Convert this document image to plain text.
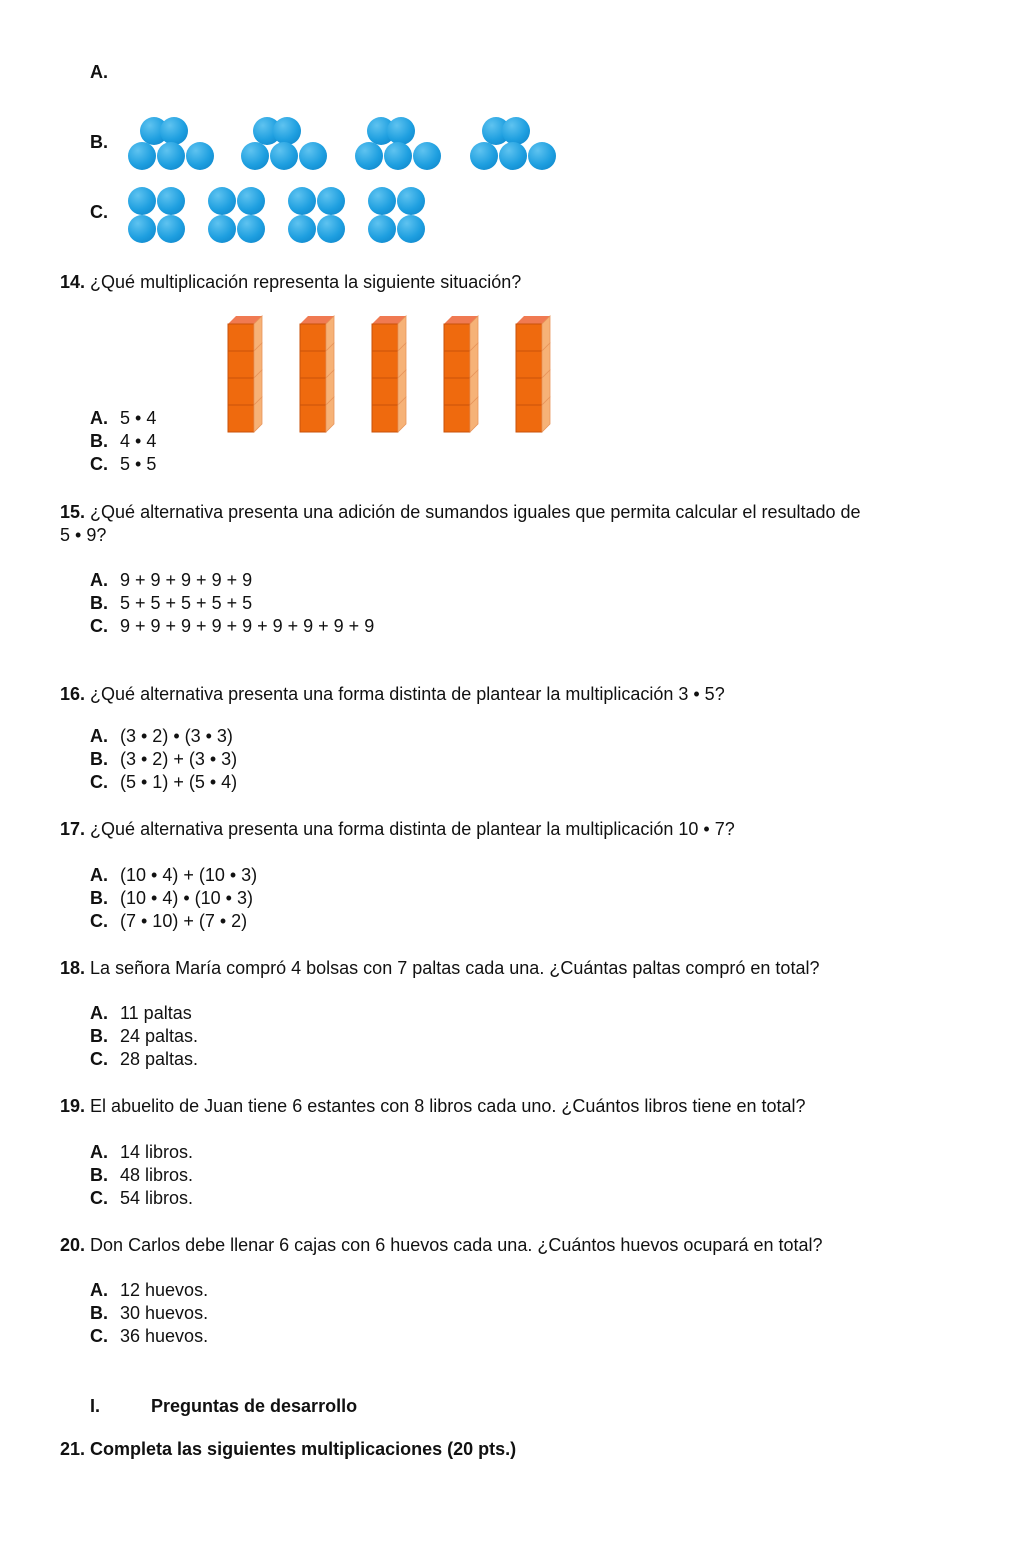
A.
B.
C.
14. ¿Qué multiplicación representa la siguiente situación?
A. 5 • 4
B. 4 • 4
C. 5 • 5
15. ¿Qué alternativa presenta una adición de sumandos iguales que permita calcular el resultado de
5 • 9?
A. 9 + 9 + 9 + 9 + 9
B. 5 + 5 + 5 + 5 + 5
C. 9 + 9 + 9 + 9 + 9 + 9 + 9 + 9 + 9
16. ¿Qué alternativa presenta una forma distinta de plantear la multiplicación 3 • 5?
A. (3 • 2) • (3 • 3)
B. (3 • 2) + (3 • 3)
C. (5 • 1) + (5 • 4)
17. ¿Qué alternativa presenta una forma distinta de plantear la multiplicación 10 • 7?
A. (10 • 4) + (10 • 3)
B. (10 • 4) • (10 • 3)
C. (7 • 10) + (7 • 2)
18. La señora María compró 4 bolsas con 7 paltas cada una. ¿Cuántas paltas compró en total?
A. 11 paltas
B. 24 paltas.
C. 28 paltas.
19. El abuelito de Juan tiene 6 estantes con 8 libros cada uno. ¿Cuántos libros tiene en total?
A. 14 libros.
B. 48 libros.
C. 54 libros.
20. Don Carlos debe llenar 6 cajas con 6 huevos cada una. ¿Cuántos huevos ocupará en total?
A. 12 huevos.
B. 30 huevos.
C. 36 huevos.
I.	Preguntas de desarrollo
21. Completa las siguientes multiplicaciones (20 pts.)
